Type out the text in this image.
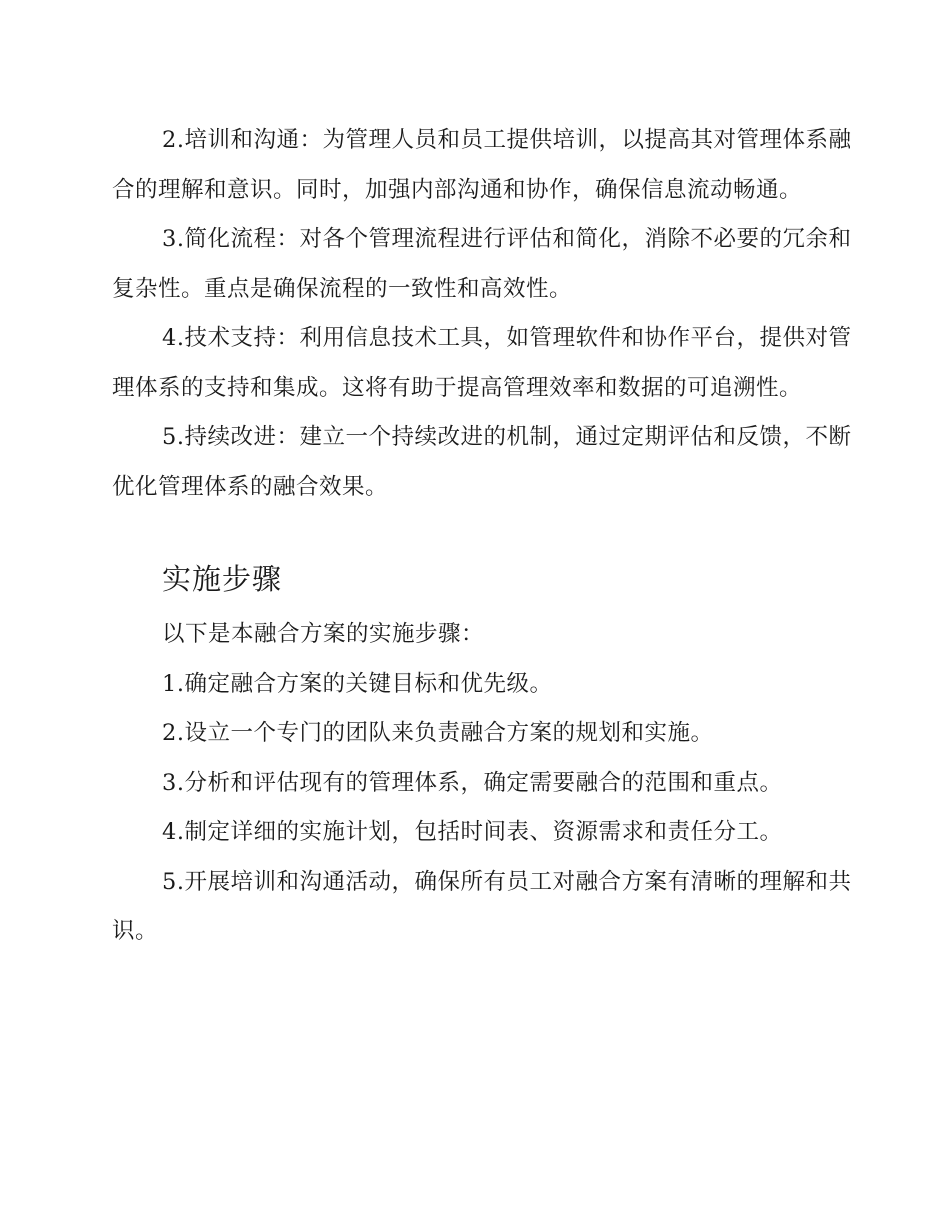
2.培训和沟通：为管理人员和员工提供培训，以提高其对管理体系融合的理解和意识。同时，加强内部沟通和协作，确保信息流动畅通。

3.简化流程：对各个管理流程进行评估和简化，消除不必要的冗余和复杂性。重点是确保流程的一致性和高效性。

4.技术支持：利用信息技术工具，如管理软件和协作平台，提供对管理体系的支持和集成。这将有助于提高管理效率和数据的可追溯性。

5.持续改进：建立一个持续改进的机制，通过定期评估和反馈，不断优化管理体系的融合效果。

实施步骤

以下是本融合方案的实施步骤：

1.确定融合方案的关键目标和优先级。

2.设立一个专门的团队来负责融合方案的规划和实施。

3.分析和评估现有的管理体系，确定需要融合的范围和重点。

4.制定详细的实施计划，包括时间表、资源需求和责任分工。

5.开展培训和沟通活动，确保所有员工对融合方案有清晰的理解和共识。
